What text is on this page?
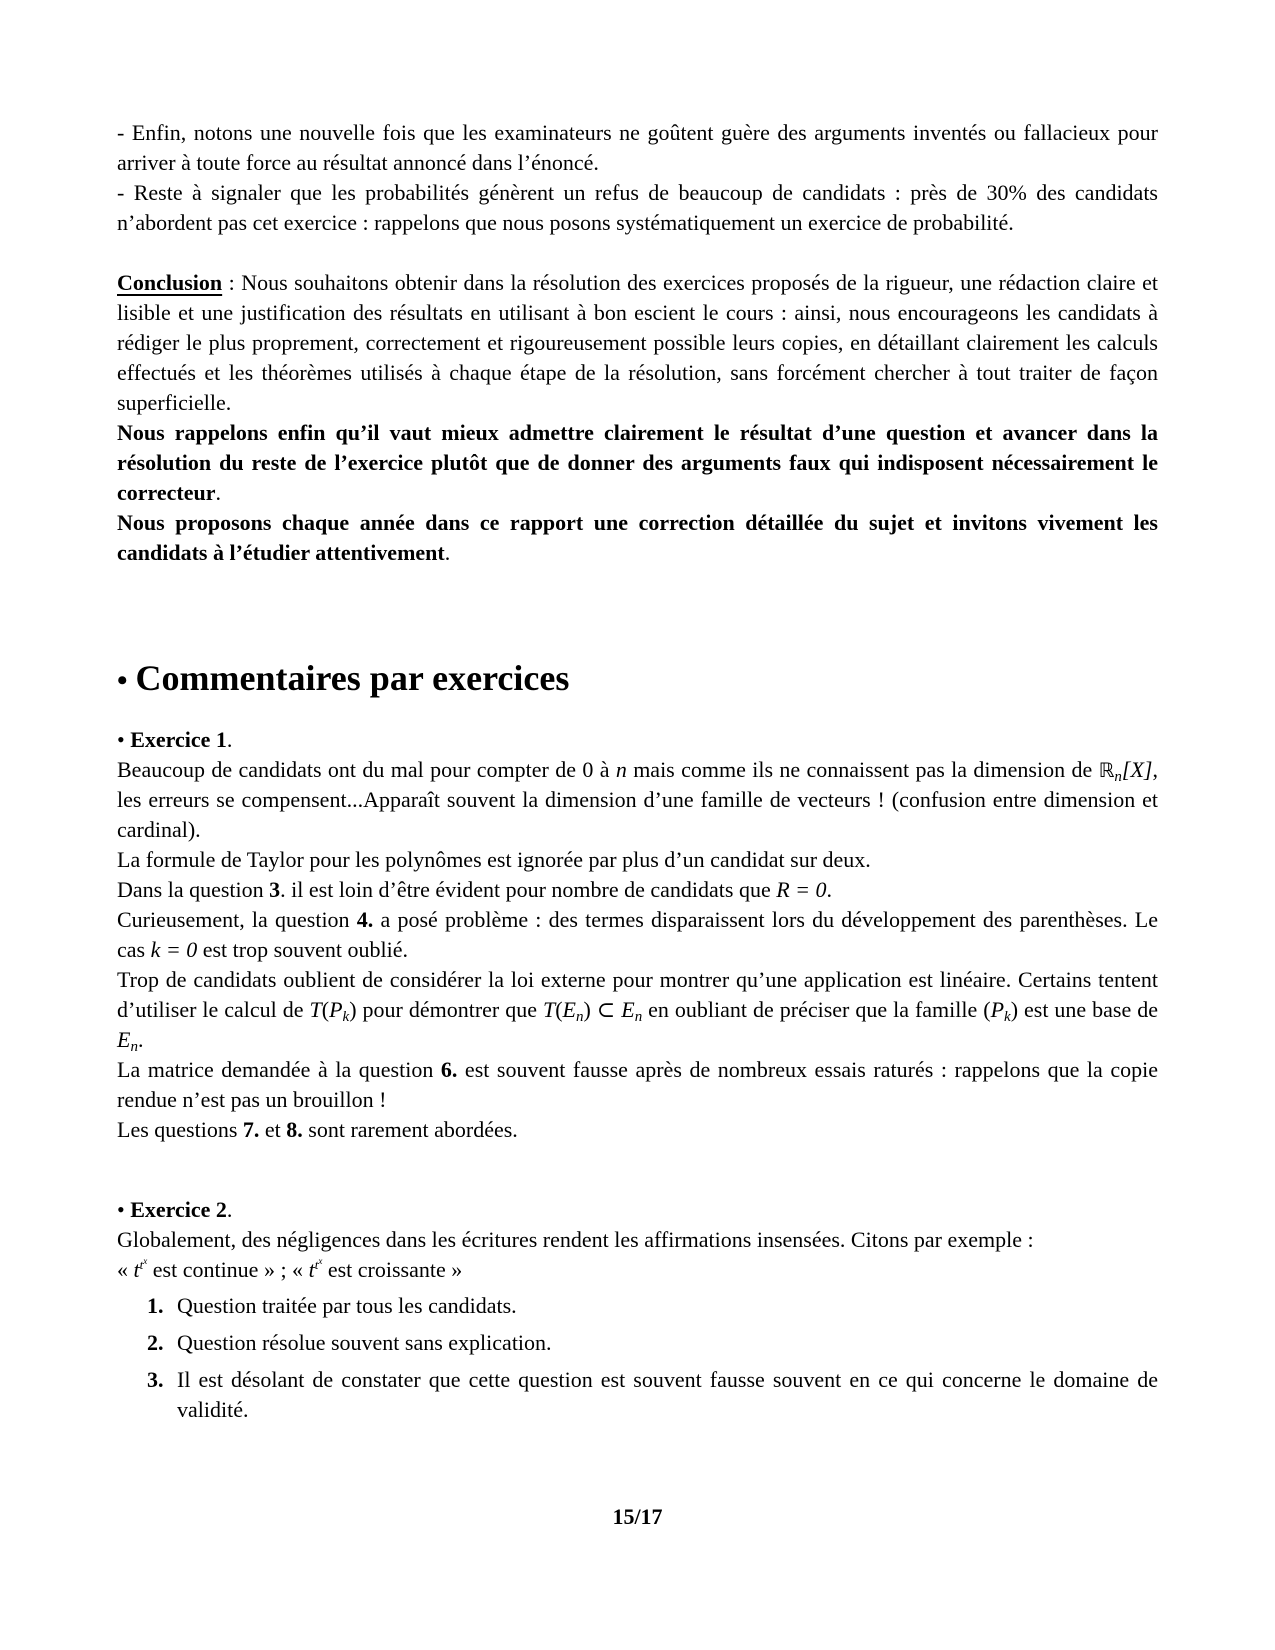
- Enfin, notons une nouvelle fois que les examinateurs ne goûtent guère des arguments inventés ou fallacieux pour arriver à toute force au résultat annoncé dans l’énoncé.

- Reste à signaler que les probabilités génèrent un refus de beaucoup de candidats : près de 30% des candidats n’abordent pas cet exercice : rappelons que nous posons systématiquement un exercice de probabilité.

Conclusion : Nous souhaitons obtenir dans la résolution des exercices proposés de la rigueur, une rédaction claire et lisible et une justification des résultats en utilisant à bon escient le cours : ainsi, nous encourageons les candidats à rédiger le plus proprement, correctement et rigoureusement possible leurs copies, en détaillant clairement les calculs effectués et les théorèmes utilisés à chaque étape de la résolution, sans forcément chercher à tout traiter de façon superficielle.

Nous rappelons enfin qu’il vaut mieux admettre clairement le résultat d’une question et avancer dans la résolution du reste de l’exercice plutôt que de donner des arguments faux qui indisposent nécessairement le correcteur.

Nous proposons chaque année dans ce rapport une correction détaillée du sujet et invitons vivement les candidats à l’étudier attentivement.

• Commentaires par exercices

• Exercice 1.

Beaucoup de candidats ont du mal pour compter de 0 à n mais comme ils ne connaissent pas la dimension de ℝ$_n$[X], les erreurs se compensent...Apparaît souvent la dimension d’une famille de vecteurs ! (confusion entre dimension et cardinal).

La formule de Taylor pour les polynômes est ignorée par plus d’un candidat sur deux.

Dans la question 3. il est loin d’être évident pour nombre de candidats que R = 0.

Curieusement, la question 4. a posé problème : des termes disparaissent lors du développement des parenthèses. Le cas k = 0 est trop souvent oublié.

Trop de candidats oublient de considérer la loi externe pour montrer qu’une application est linéaire. Certains tentent d’utiliser le calcul de $T(P_k)$ pour démontrer que $T(E_n)$ ⊂ $E_n$ en oubliant de préciser que la famille $(P_k)$ est une base de $E_n$.

La matrice demandée à la question 6. est souvent fausse après de nombreux essais raturés : rappelons que la copie rendue n’est pas un brouillon !

Les questions 7. et 8. sont rarement abordées.

• Exercice 2.

Globalement, des négligences dans les écritures rendent les affirmations insensées. Citons par exemple :

« $t^{t^x}$ est continue » ; « $t^{t^x}$ est croissante »

1. Question traitée par tous les candidats.
2. Question résolue souvent sans explication.
3. Il est désolant de constater que cette question est souvent fausse souvent en ce qui concerne le domaine de validité.
15/17
